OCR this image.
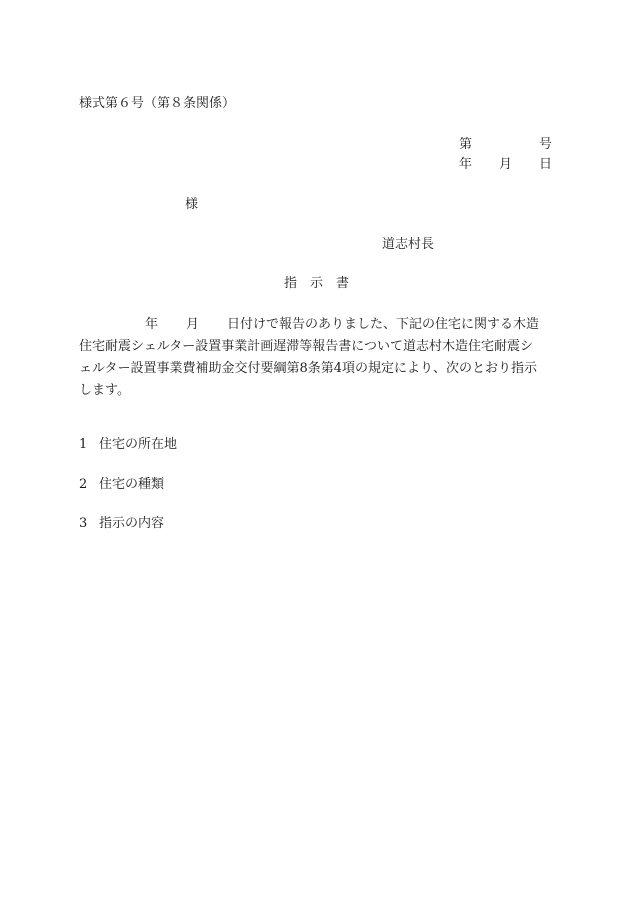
様式第６号（第８条関係）
第	号
年 月 日
様
道志村長
指　示　書
年 月 日付けで報告のありました、下記の住宅に関する木造
住宅耐震シェルター設置事業計画遅滞等報告書について道志村木造住宅耐震シ
ェルター設置事業費補助金交付要綱第8条第4項の規定により、次のとおり指示
します。
1 住宅の所在地
2 住宅の種類
3 指示の内容
